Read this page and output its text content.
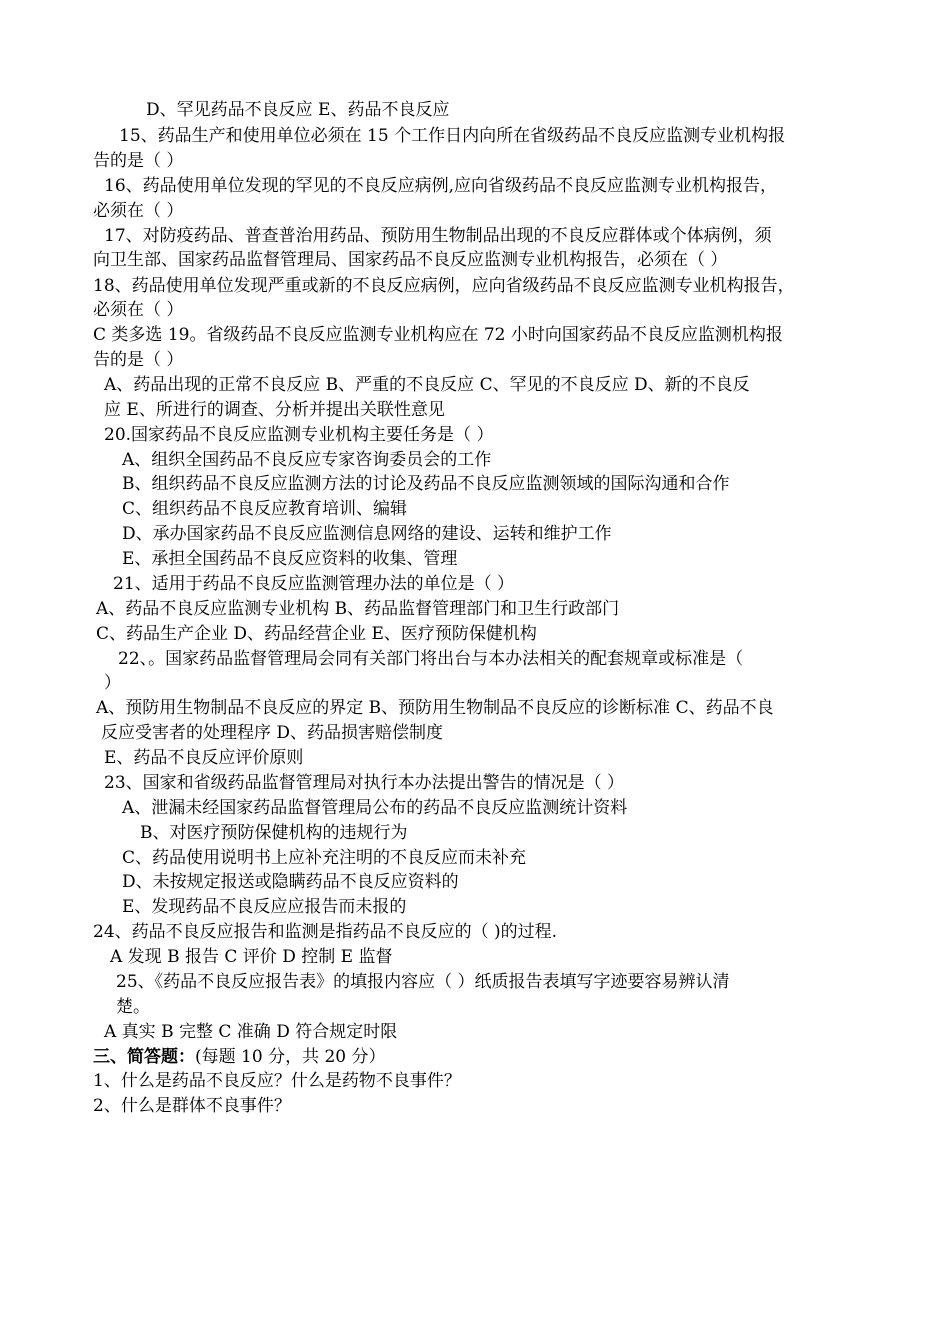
D、罕见药品不良反应 E、药品不良反应

15、药品生产和使用单位必须在 15 个工作日内向所在省级药品不良反应监测专业机构报

告的是（ ）

16、药品使用单位发现的罕见的不良反应病例,应向省级药品不良反应监测专业机构报告，

必须在（ ）

17、对防疫药品、普查普治用药品、预防用生物制品出现的不良反应群体或个体病例，须

向卫生部、国家药品监督管理局、国家药品不良反应监测专业机构报告，必须在（ ）

18、药品使用单位发现严重或新的不良反应病例，应向省级药品不良反应监测专业机构报告，

必须在（ ）

C 类多选 19。省级药品不良反应监测专业机构应在 72 小时向国家药品不良反应监测机构报

告的是（ ）

A、药品出现的正常不良反应 B、严重的不良反应 C、罕见的不良反应 D、新的不良反

应 E、所进行的调查、分析并提出关联性意见

20.国家药品不良反应监测专业机构主要任务是（ ）

A、组织全国药品不良反应专家咨询委员会的工作

B、组织药品不良反应监测方法的讨论及药品不良反应监测领域的国际沟通和合作

C、组织药品不良反应教育培训、编辑

D、承办国家药品不良反应监测信息网络的建设、运转和维护工作

E、承担全国药品不良反应资料的收集、管理

21、适用于药品不良反应监测管理办法的单位是（ ）

A、药品不良反应监测专业机构 B、药品监督管理部门和卫生行政部门

C、药品生产企业 D、药品经营企业 E、医疗预防保健机构

22、。国家药品监督管理局会同有关部门将出台与本办法相关的配套规章或标准是（

）

A、预防用生物制品不良反应的界定 B、预防用生物制品不良反应的诊断标准 C、药品不良

反应受害者的处理程序 D、药品损害赔偿制度

E、药品不良反应评价原则

23、国家和省级药品监督管理局对执行本办法提出警告的情况是（ ）

A、泄漏未经国家药品监督管理局公布的药品不良反应监测统计资料

B、对医疗预防保健机构的违规行为

C、药品使用说明书上应补充注明的不良反应而未补充

D、未按规定报送或隐瞒药品不良反应资料的

E、发现药品不良反应应报告而未报的

24、药品不良反应报告和监测是指药品不良反应的（ )的过程.

A 发现 B 报告 C 评价 D 控制 E 监督

25、《药品不良反应报告表》的填报内容应（ ）纸质报告表填写字迹要容易辨认清

楚。

A 真实 B 完整 C 准确 D 符合规定时限

三、简答题：(每题 10 分，共 20 分）

1、什么是药品不良反应？什么是药物不良事件？

2、什么是群体不良事件？
